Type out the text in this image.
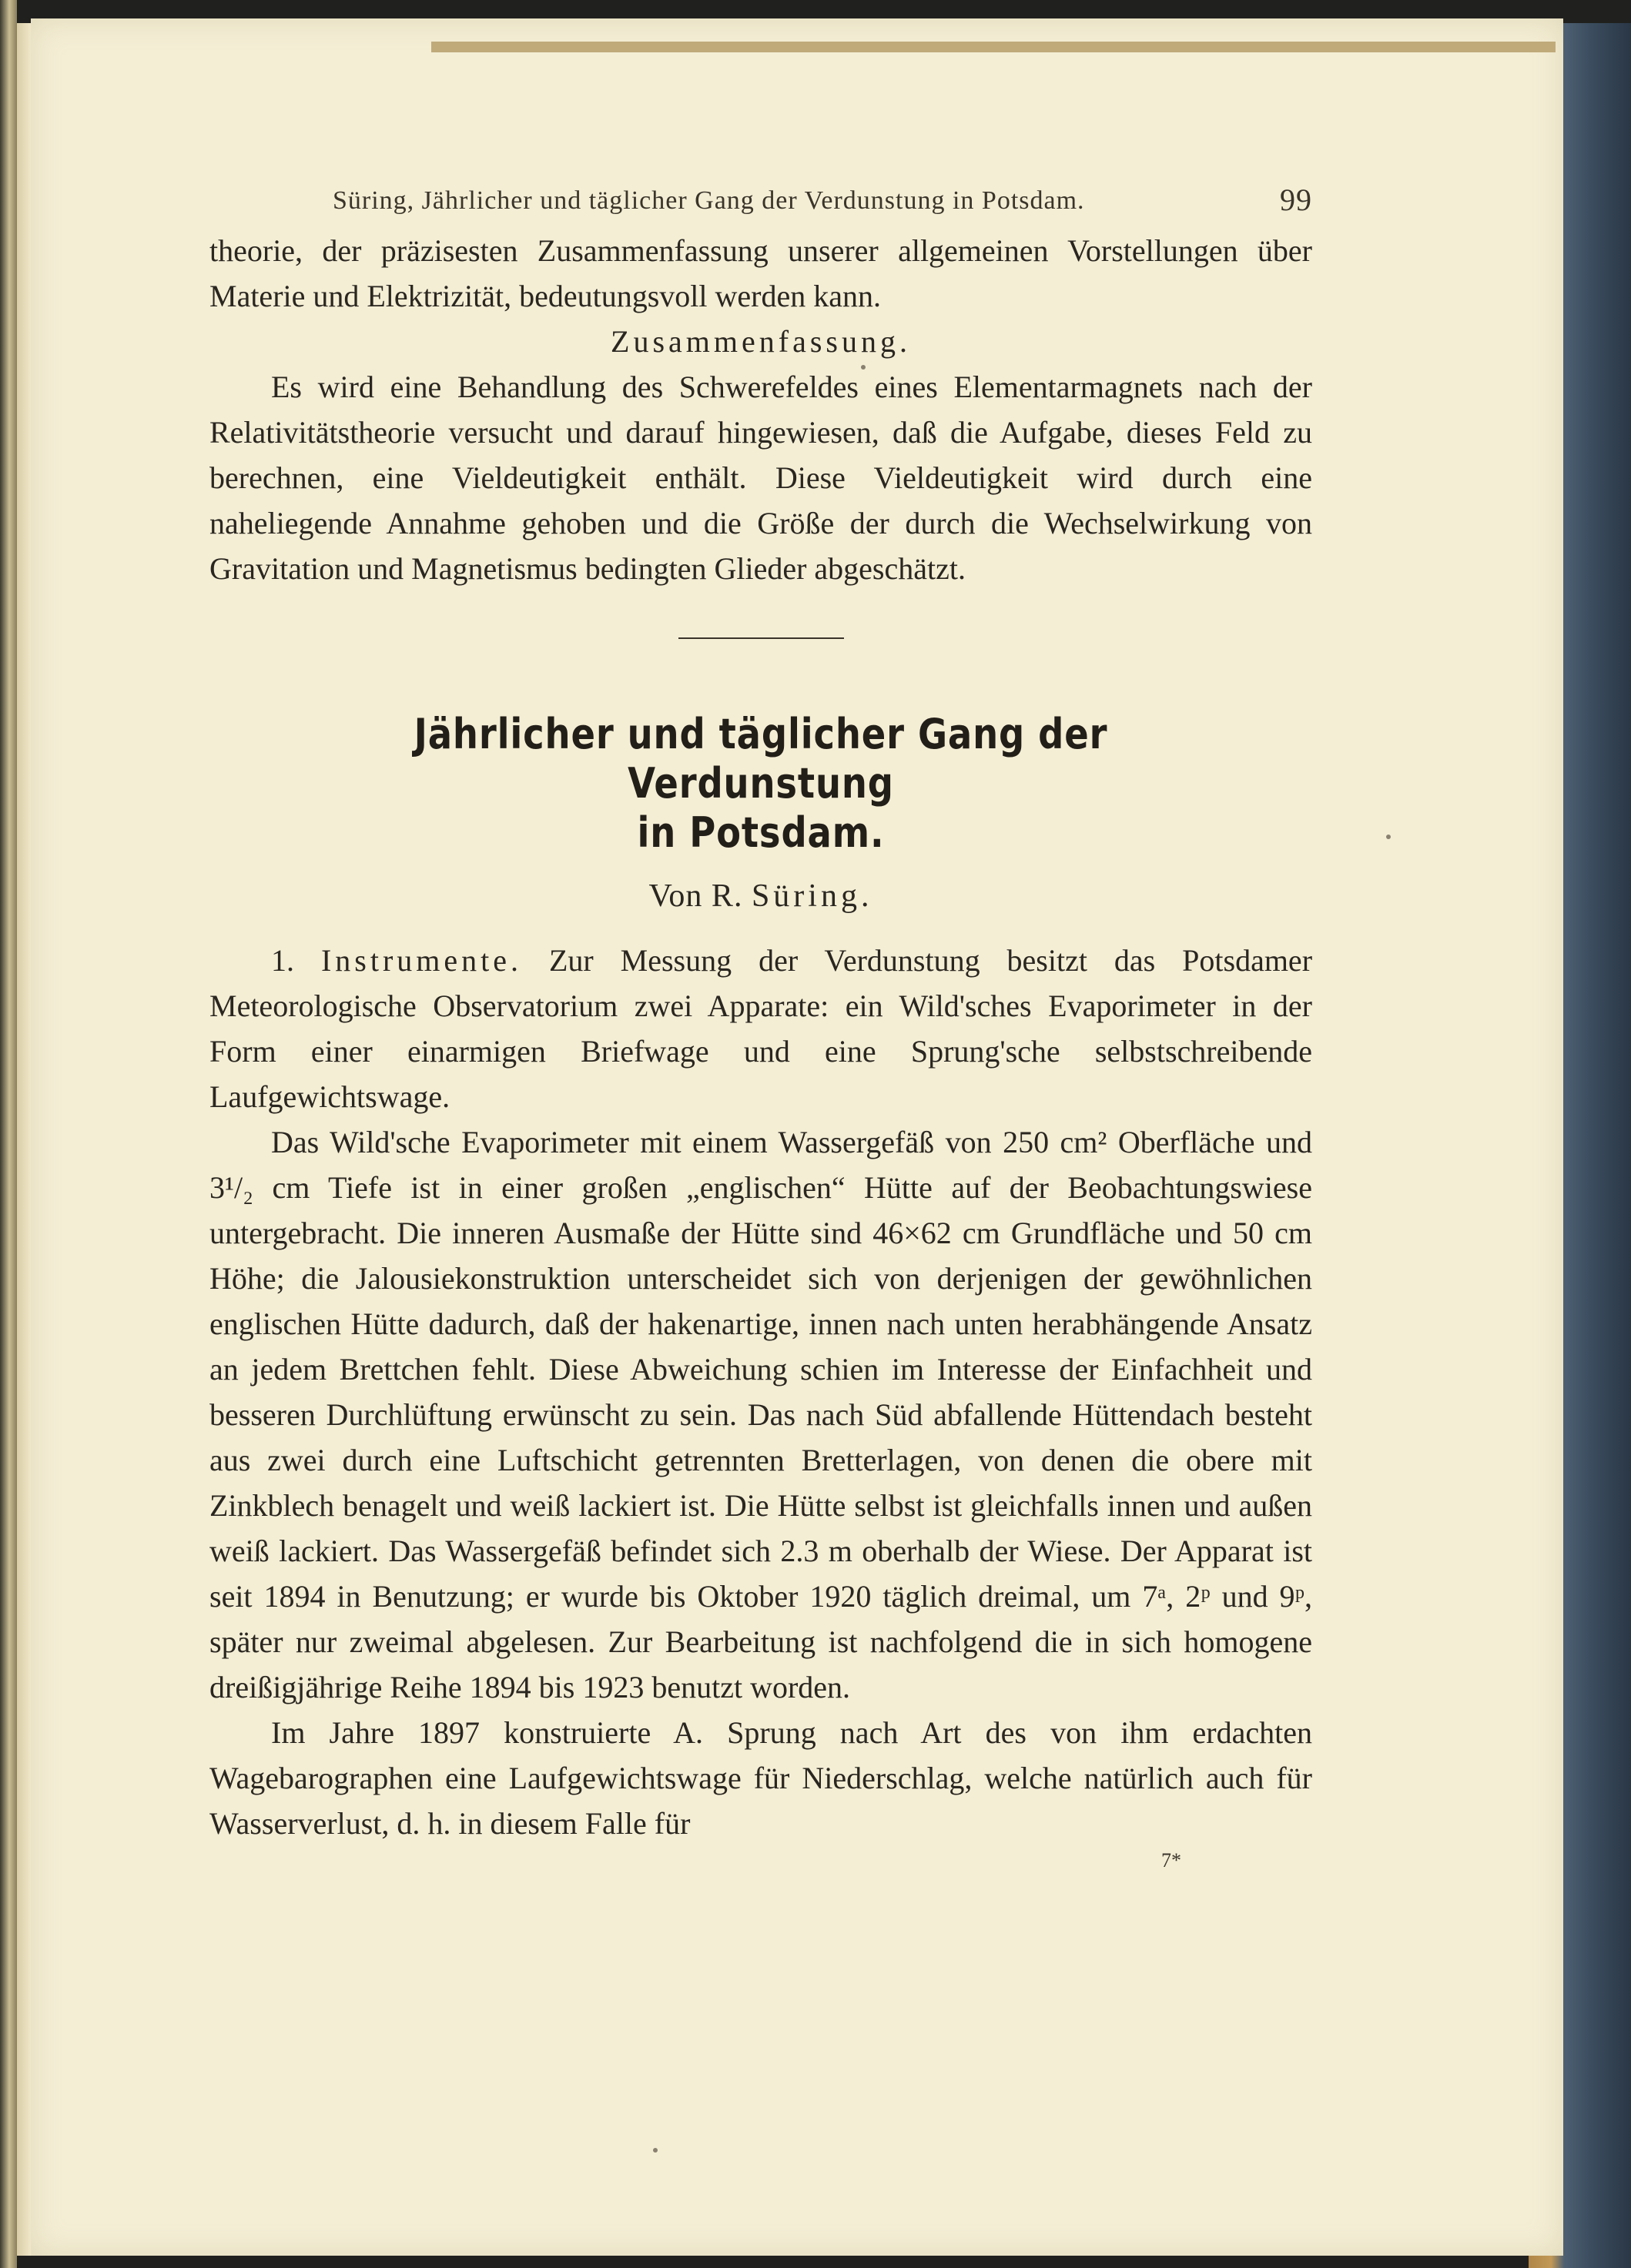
Süring, Jährlicher und täglicher Gang der Verdunstung in Potsdam.	99

theorie, der präzisesten Zusammenfassung unserer allgemeinen Vorstellungen über Materie und Elektrizität, bedeutungsvoll werden kann.

Zusammenfassung.

Es wird eine Behandlung des Schwerefeldes eines Elementarmagnets nach der Relativitätstheorie versucht und darauf hingewiesen, daß die Aufgabe, dieses Feld zu berechnen, eine Vieldeutigkeit enthält. Diese Vieldeutigkeit wird durch eine naheliegende Annahme gehoben und die Größe der durch die Wechselwirkung von Gravitation und Magnetismus bedingten Glieder abgeschätzt.

Jährlicher und täglicher Gang der Verdunstung
in Potsdam.
Von R. Süring.

1. Instrumente. Zur Messung der Verdunstung besitzt das Potsdamer Meteorologische Observatorium zwei Apparate: ein Wild'sches Evaporimeter in der Form einer einarmigen Briefwage und eine Sprung'sche selbstschreibende Laufgewichtswage.

Das Wild'sche Evaporimeter mit einem Wassergefäß von 250 cm² Oberfläche und 3¹/₂ cm Tiefe ist in einer großen „englischen“ Hütte auf der Beobachtungswiese untergebracht. Die inneren Ausmaße der Hütte sind 46×62 cm Grundfläche und 50 cm Höhe; die Jalousiekonstruktion unterscheidet sich von derjenigen der gewöhnlichen englischen Hütte dadurch, daß der hakenartige, innen nach unten herabhängende Ansatz an jedem Brettchen fehlt. Diese Abweichung schien im Interesse der Einfachheit und besseren Durchlüftung erwünscht zu sein. Das nach Süd abfallende Hüttendach besteht aus zwei durch eine Luftschicht getrennten Bretterlagen, von denen die obere mit Zinkblech benagelt und weiß lackiert ist. Die Hütte selbst ist gleichfalls innen und außen weiß lackiert. Das Wassergefäß befindet sich 2.3 m oberhalb der Wiese. Der Apparat ist seit 1894 in Benutzung; er wurde bis Oktober 1920 täglich dreimal, um 7ᵃ, 2ᵖ und 9ᵖ, später nur zweimal abgelesen. Zur Bearbeitung ist nachfolgend die in sich homogene dreißigjährige Reihe 1894 bis 1923 benutzt worden.

Im Jahre 1897 konstruierte A. Sprung nach Art des von ihm erdachten Wagebarographen eine Laufgewichtswage für Niederschlag, welche natürlich auch für Wasserverlust, d. h. in diesem Falle für

7*
